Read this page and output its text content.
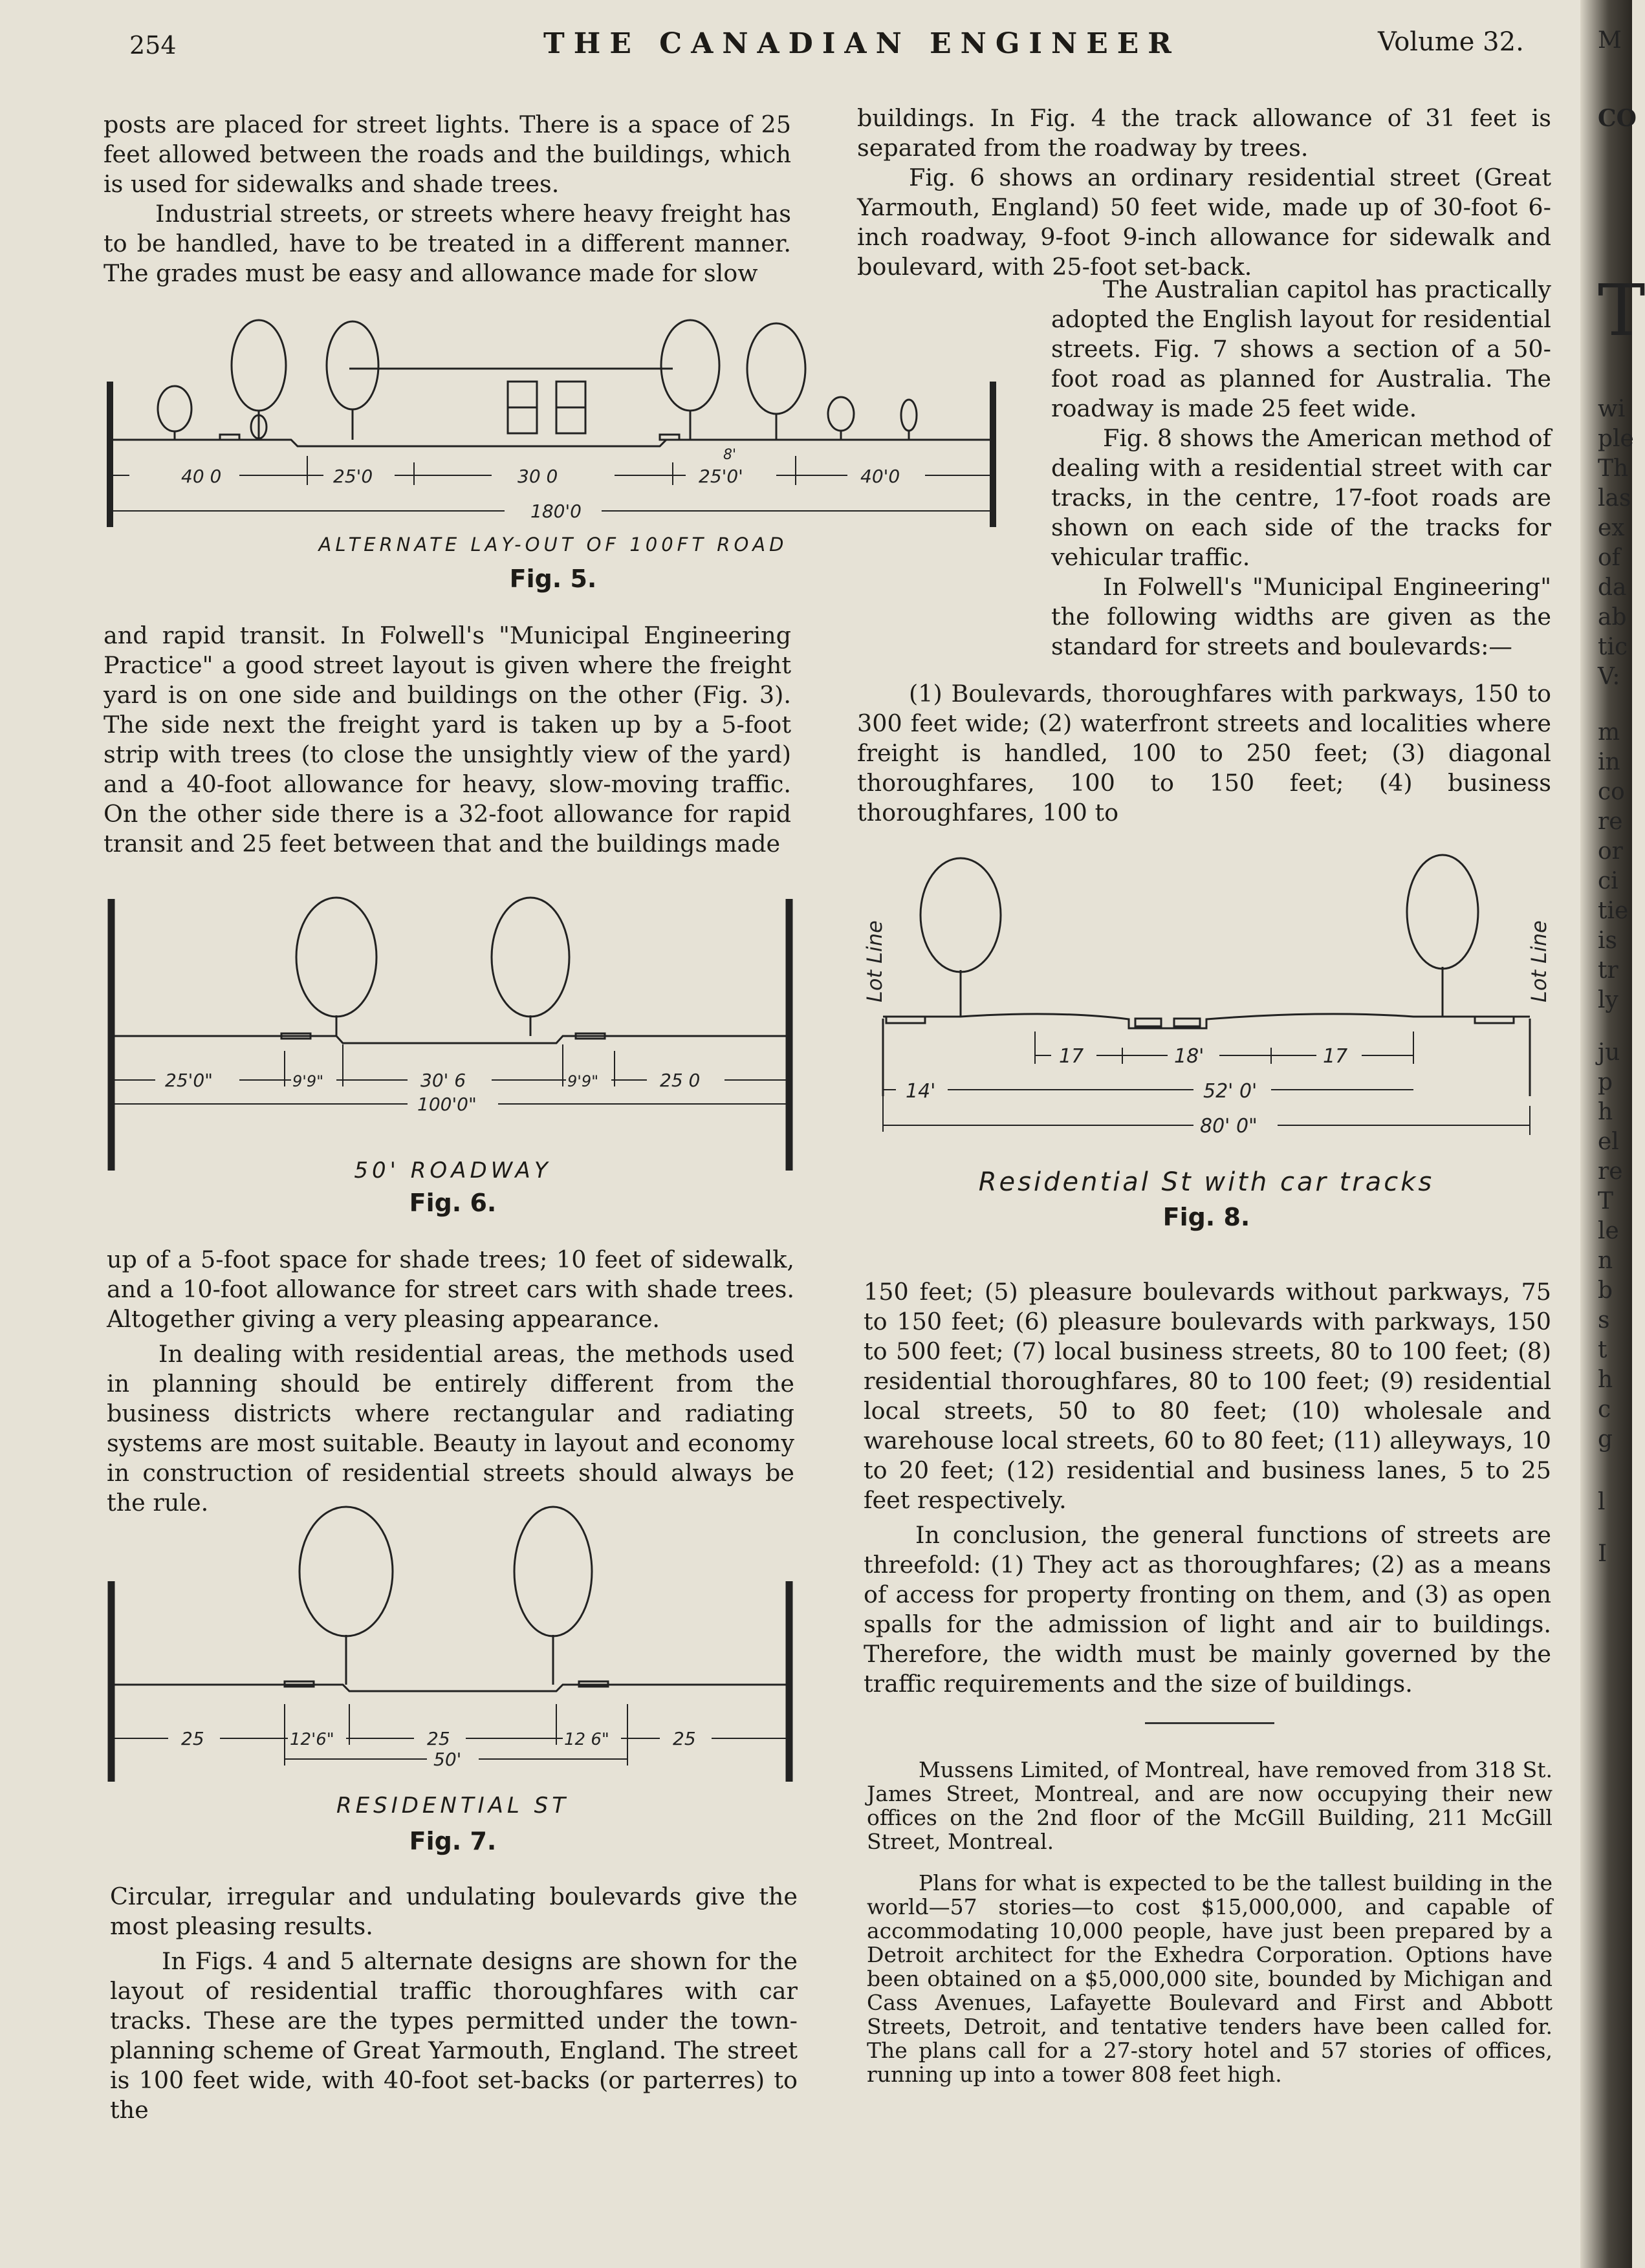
254	THE CANADIAN ENGINEER	Volume 32.

posts are placed for street lights. There is a space of 25 feet allowed between the roads and the buildings, which is used for sidewalks and shade trees.

Industrial streets, or streets where heavy freight has to be handled, have to be treated in a different manner. The grades must be easy and allowance made for slow

40 0	25'0	30 0	25'0'	40'0
180'0
8'
ALTERNATE LAY-OUT OF 100FT ROAD
Fig. 5.

and rapid transit. In Folwell's "Municipal Engineering Practice" a good street layout is given where the freight yard is on one side and buildings on the other (Fig. 3). The side next the freight yard is taken up by a 5-foot strip with trees (to close the unsightly view of the yard) and a 40-foot allowance for heavy, slow-moving traffic. On the other side there is a 32-foot allowance for rapid transit and 25 feet between that and the buildings made

25'0"	9'9"	30' 6	9'9"	25 0
100'0"
50' ROADWAY
Fig. 6.

up of a 5-foot space for shade trees; 10 feet of sidewalk, and a 10-foot allowance for street cars with shade trees. Altogether giving a very pleasing appearance.

In dealing with residential areas, the methods used in planning should be entirely different from the business districts where rectangular and radiating systems are most suitable. Beauty in layout and economy in construction of residential streets should always be the rule.

25	12'6"	25	12 6"	25
50'
RESIDENTIAL ST
Fig. 7.

Circular, irregular and undulating boulevards give the most pleasing results.

In Figs. 4 and 5 alternate designs are shown for the layout of residential traffic thoroughfares with car tracks. These are the types permitted under the town-planning scheme of Great Yarmouth, England. The street is 100 feet wide, with 40-foot set-backs (or parterres) to the

buildings. In Fig. 4 the track allowance of 31 feet is separated from the roadway by trees.

Fig. 6 shows an ordinary residential street (Great Yarmouth, England) 50 feet wide, made up of 30-foot 6-inch roadway, 9-foot 9-inch allowance for sidewalk and boulevard, with 25-foot set-back.

The Australian capitol has practically adopted the English layout for residential streets. Fig. 7 shows a section of a 50-foot road as planned for Australia. The roadway is made 25 feet wide.

Fig. 8 shows the American method of dealing with a residential street with car tracks, in the centre, 17-foot roads are shown on each side of the tracks for vehicular traffic.

In Folwell's "Municipal Engineering" the following widths are given as the standard for streets and boulevards:—

(1) Boulevards, thoroughfares with parkways, 150 to 300 feet wide; (2) waterfront streets and localities where freight is handled, 100 to 250 feet; (3) diagonal thoroughfares, 100 to 150 feet; (4) business thoroughfares, 100 to

17	18'	17
14'	52' 0'
80' 0"
Lot Line	Lot Line
Residential St with car tracks
Fig. 8.

150 feet; (5) pleasure boulevards without parkways, 75 to 150 feet; (6) pleasure boulevards with parkways, 150 to 500 feet; (7) local business streets, 80 to 100 feet; (8) residential thoroughfares, 80 to 100 feet; (9) residential local streets, 50 to 80 feet; (10) wholesale and warehouse local streets, 60 to 80 feet; (11) alleyways, 10 to 20 feet; (12) residential and business lanes, 5 to 25 feet respectively.

In conclusion, the general functions of streets are threefold: (1) They act as thoroughfares; (2) as a means of access for property fronting on them, and (3) as open spalls for the admission of light and air to buildings. Therefore, the width must be mainly governed by the traffic requirements and the size of buildings.

Mussens Limited, of Montreal, have removed from 318 St. James Street, Montreal, and are now occupying their new offices on the 2nd floor of the McGill Building, 211 McGill Street, Montreal.

Plans for what is expected to be the tallest building in the world—57 stories—to cost $15,000,000, and capable of accommodating 10,000 people, have just been prepared by a Detroit architect for the Exhedra Corporation. Options have been obtained on a $5,000,000 site, bounded by Michigan and Cass Avenues, Lafayette Boulevard and First and Abbott Streets, Detroit, and tentative tenders have been called for. The plans call for a 27-story hotel and 57 stories of offices, running up into a tower 808 feet high.

M
CO
T
wi
ple
Th
las
ex
of
da
ab
tic
V:
m
in
co
re
or
ci
tie
is
tr
ly
ju
p
h
el
re
T
le
n
b
s
t
h
c
g
l
I
